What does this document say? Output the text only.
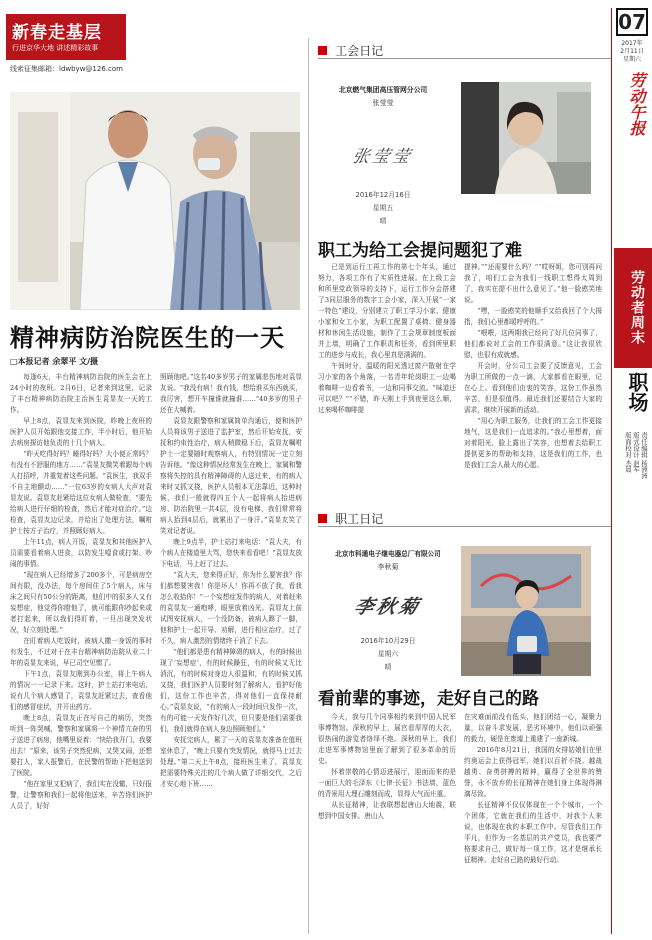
新春走基层
行进京华大地 讲述精彩故事
线索征集邮箱：ldwbyw@126.com
精神病防治院医生的一天
□本报记者 余翠平 文/摄

每逢6天，丰台精神病防治院的医生会在上24小时的夜班。2月6日，记者来到这里，记录了丰台精神病防治院主治医生袁显友一天的工作。

早上8点，袁显友来到医院，昨晚上夜班的医护人员开始跟他交接工作，半小时后，他开始去病房探访他负责的十几个病人。

“昨天吃得好吗？睡得好吗？大小便正常吗？有没有不舒服的地方……”袁显友微笑着跟每个病人打招呼，并重复着这些问题。“袁医生，我双手不自主地颤动……”一位63岁的女病人大声对袁显友说。袁显友赶紧给这位女病人做检查，“要先给病人进行仔细的检查，然后才能对症治疗。”边检查，袁显友边记录，并给出了处理方法，嘱咐护士按方子治疗，并照顾好病人。

上午11点，病人开饭，袁显友和其他医护人员需要看着病人进食，以防发生噎食或打架、吵闹的事情。

“现在病人已经增多了200多个，可是病房空间有限，没办法，每个房间住了5个病人，床与床之间只有50公分的距离，他们中的很多人又有妄想症，他觉得你瞪他了，就可能跟你吵起来或者打起来，所以我们得盯着，一旦出现突发状况，好立刻处理。”

在盯着病人吃饭时，被病人撒一身饭的事时有发生，不过对于在丰台精神病防治院从业二十年的袁显友来说，早已司空见惯了。

下午1点，袁显友刚到办公室，将上午病人的情况一一记录下来。这时，护士站打来电话，说有几个病人感冒了，袁显友赶紧过去，查看他们的感冒症状，并开出药方。

晚上8点，袁显友正在写自己的病历，突然听到一阵哭喊，警察和家属将一个神情亢奋的男子送进了病房，他嘴里说着：“快给我开门，我要出去！”原来，该男子突然犯病，又哭又闹，还想要打人，家人报警后，在民警的帮助下把他送到了医院。

“他在家里又犯病了，我们实在没辙，只好报警，让警察和我们一起将他送来，辛苦你们医护人员了，好好

照顾他吧。”这名40多岁男子的家属悲伤地对袁显友说。“我没有病！我有钱，想给谁买东西就买，我厉害，想开车撞谁就撞谁……”40多岁的男子还在大喊着。

袁显友跟警察和家属简单沟通后，便和医护人员将该男子送进了监护室，然后开始安抚，安抚和约束性治疗，病人稍微稳下后，袁显友嘱咐护士一定要随时观察病人，有特别情况一定立刻告诉他。“像这种情况经常发生在晚上，家属和警察将失控的具有精神障碍的人送过来，有的病人来时又抓又挠，医护人员根本无法靠近，这种时候，我们一般就得四五个人一起将病人抬进病房、防治院里一共4层，没有电梯，我们常常将病人抬到4层后，就累出了一身汗。”袁显友笑了笑对记者说。

晚上9点半，护士站打来电话：“袁大夫，有个病人在楼道里大骂，您快来看看吧！”袁显友放下电话，马上赶了过去。

“袁大夫，您来得正好，你为什么要害我？你们都想要害我！你是坏人！你再不放了我，看我怎么收拾你！”一个妄想症发作的病人，对着赶来的袁显友一通咆哮，眼里放着凶光。袁显友上前试图安抚病人，一个没防备，被病人踢了一脚，他和护士一起开导、劝解，进行相应治疗，过了不久，病人激烈的情绪终于消了下去。

“他们都是患有精神障碍的病人，有的时候出现了‘妄想症’，有的时候躁狂，有的时候又无比消沉，有的时候对身边人很温和，有的时候又抓又挠，我们医护人员要时刻了解病人，看护好他们，这份工作也辛苦，得对他们一直保持耐心。”袁显友说，“有的病人一段时间只发作一次，有的可能一天发作好几次，但只要是他们需要我们，我们就得在病人身边照顾他们。”

安抚完病人，累了一天的袁显友准备在值班室休息了，“晚上只要有突发情况，就得马上过去处理。”第二天上午8点，接班医生来了，袁显友把需要特殊关注的几个病人做了详细交代，之后才安心地下班……

工会日记
北京燃气集团高压管网分公司
张莹莹
张莹莹
2016年12月16日
星期五
晴
职工为给工会提问题犯了难

已是到运行工再工作的第七个年头，通过努力，各项工作有了实质性进展。在上级工会和所里党政领导的支持下，运行工作分会搭建了3同层服务的数字工会小家，深入开展“一家一特色”建设，分别建立了职工学习小家、健康小家和女工小家，为职工配置了桌椅、健身器材和休闲生活设施，制作了工会规章制度板面并上墙，明确了工作职责和任务，看到所里职工的进步与成长，我心里真是满满的。

午间时分，温暖的阳光透过窗户散射在学习小家的各个角落，一名青年轮岗职工一边喝着咖啡一边看着书，一边和同事交流。“味道还可以吧？”“不错，昨天刚上手到夜里这么顺，过来喝杯咖啡提

提神。”“还需要什么吗？”“哎呀姐，您可别再问我了，咱们工会为我们一线职工想得太周到了，我实在提不出什么意见了。”他一脸憨笑地说。

“嘿，一脸憨笑的他顺手又给我回了个大拇指，我们心里都暖呼呼的。”

“喂喂，这两期我已经问了好几位同事了，他们都说对工会的工作很满意。”这让我很欣慰，也很有成就感。

开会时，分公司工会要了反馈意见，工会为职工所做的一点一滴，大家都看在眼里，记在心上。看到他们由衷的笑容，这份工作虽然辛苦，但是很值得。最近我们还要结合大家的需求，继续开展新的活动。

“用心为职工服务，让我们的工会工作更接地气，这是我们一直追求的。”我心里想着，面对着阳光，脸上露出了笑容，也想着去给职工提供更多的帮助和支持，这是我们的工作，也是我们工会人最大的心愿。

职工日记
北京市科通电子继电器总厂有限公司
李秋菊
李秋菊
2016年10月29日
星期六
晴
看前辈的事迹，走好自己的路

今天，我与几个同事相约来到中国人民军事博物馆。深秋的早上，展官看厚厚的大衣，很热闹的游览者络绎不绝。深秋的早上，我们走进军事博物馆里面了解到了很多革命的历史。

怀着崇敬的心情迈进展厅，迎面而来的是一面巨大的毛泽东《七律·长征》书法墙，蓝色的背景用大理石雕刻而成，显得大气而庄重。

从长征精神，让我联想起唐山大地震，联想到中国女排。唐山人

在灾难面前没有低头，他们团结一心，凝聚力量，以奋斗求发展，恶劣环境中，他们以顽强的毅力，硬是在废墟上重建了一座新城。

2016年8月21日，我国的女排姑娘们在里约奥运会上获得冠军，她们以百折不挠、越战越勇、奋勇拼搏的精神，赢得了全世界的赞誉，永不放弃的长征精神在她们身上体现得淋漓尽致。

长征精神不仅仅体现在一个个城市，一个个团体，它就在我们的生活中，对我个人来说，也体现在我的本职工作中。尽管我们工作平凡，但作为一名基层的共产党员，我也要严格要求自己，做好每一项工作，这才是继承长征精神、走好自己路的最好行动。

07
2017年
2月11日
星期六
劳动午报
劳动者周末
职场
责任编辑 杨洲洲
版式设计 赵军
版面校对 杰晨
